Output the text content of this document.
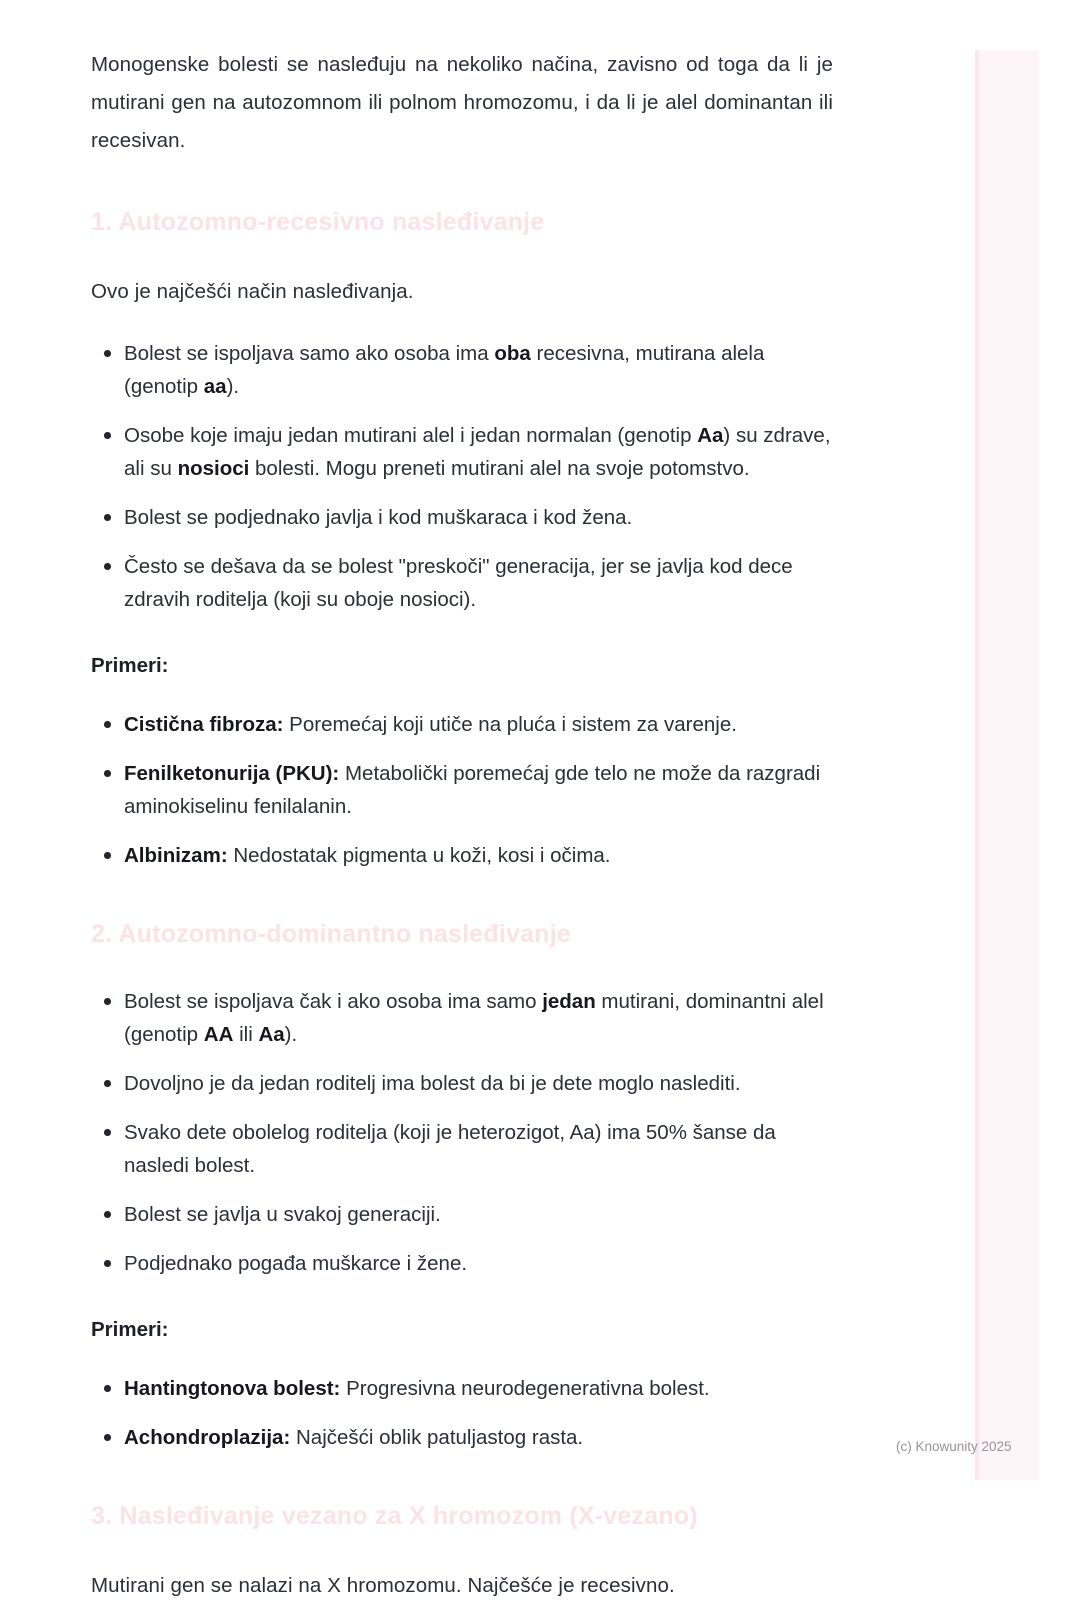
Monogenske bolesti se nasleđuju na nekoliko načina, zavisno od toga da li je mutirani gen na autozomnom ili polnom hromozomu, i da li je alel dominantan ili recesivan.

1. Autozomno-recesivno nasleđivanje

Ovo je najčešći način nasleđivanja.

Bolest se ispoljava samo ako osoba ima oba recesivna, mutirana alela (genotip aa).
Osobe koje imaju jedan mutirani alel i jedan normalan (genotip Aa) su zdrave, ali su nosioci bolesti. Mogu preneti mutirani alel na svoje potomstvo.
Bolest se podjednako javlja i kod muškaraca i kod žena.
Često se dešava da se bolest "preskoči" generacija, jer se javlja kod dece zdravih roditelja (koji su oboje nosioci).

Primeri:

Cistična fibroza: Poremećaj koji utiče na pluća i sistem za varenje.
Fenilketonurija (PKU): Metabolički poremećaj gde telo ne može da razgradi aminokiselinu fenilalanin.
Albinizam: Nedostatak pigmenta u koži, kosi i očima.
2. Autozomno-dominantno nasleđivanje
Bolest se ispoljava čak i ako osoba ima samo jedan mutirani, dominantni alel (genotip AA ili Aa).
Dovoljno je da jedan roditelj ima bolest da bi je dete moglo naslediti.
Svako dete obolelog roditelja (koji je heterozigot, Aa) ima 50% šanse da nasledi bolest.
Bolest se javlja u svakoj generaciji.
Podjednako pogađa muškarce i žene.

Primeri:

Hantingtonova bolest: Progresivna neurodegenerativna bolest.
Achondroplazija: Najčešći oblik patuljastog rasta.
3. Nasleđivanje vezano za X hromozom (X-vezano)

Mutirani gen se nalazi na X hromozomu. Najčešće je recesivno.

(c) Knowunity 2025
